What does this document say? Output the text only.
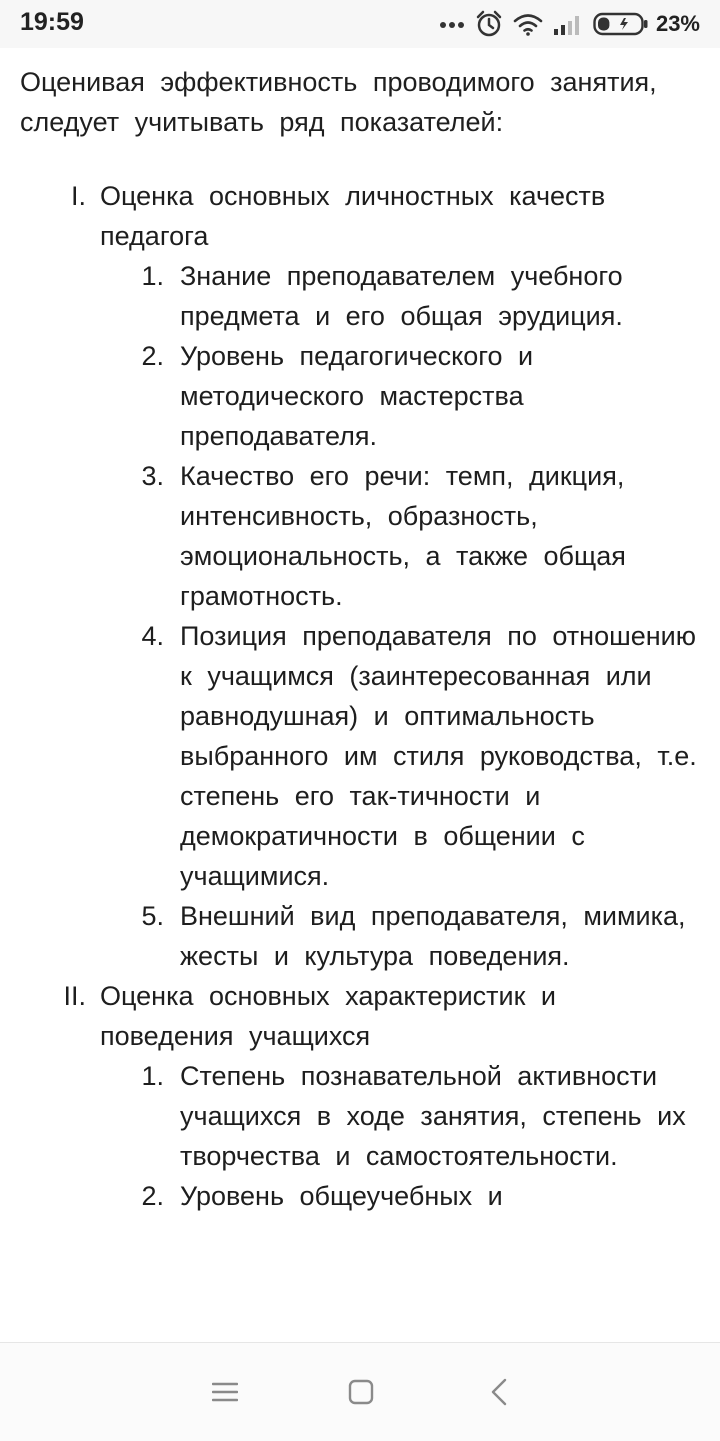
19:59	23%

Оценивая эффективность проводимого занятия, следует учитывать ряд показателей:

I. Оценка основных личностных качеств педагога
1. Знание преподавателем учебного предмета и его общая эрудиция.
2. Уровень педагогического и методического мастерства преподавателя.
3. Качество его речи: темп, дикция, интенсивность, образность, эмоциональность, а также общая грамотность.
4. Позиция преподавателя по отношению к учащимся (заинтересованная или равнодушная) и оптимальность выбранного им стиля руководства, т.е. степень его так-тичности и демократичности в общении с учащимися.
5. Внешний вид преподавателя, мимика, жесты и культура поведения.
II. Оценка основных характеристик и поведения учащихся
1. Степень познавательной активности учащихся в ходе занятия, степень их творчества и самостоятельности.
2. Уровень общеучебных и
